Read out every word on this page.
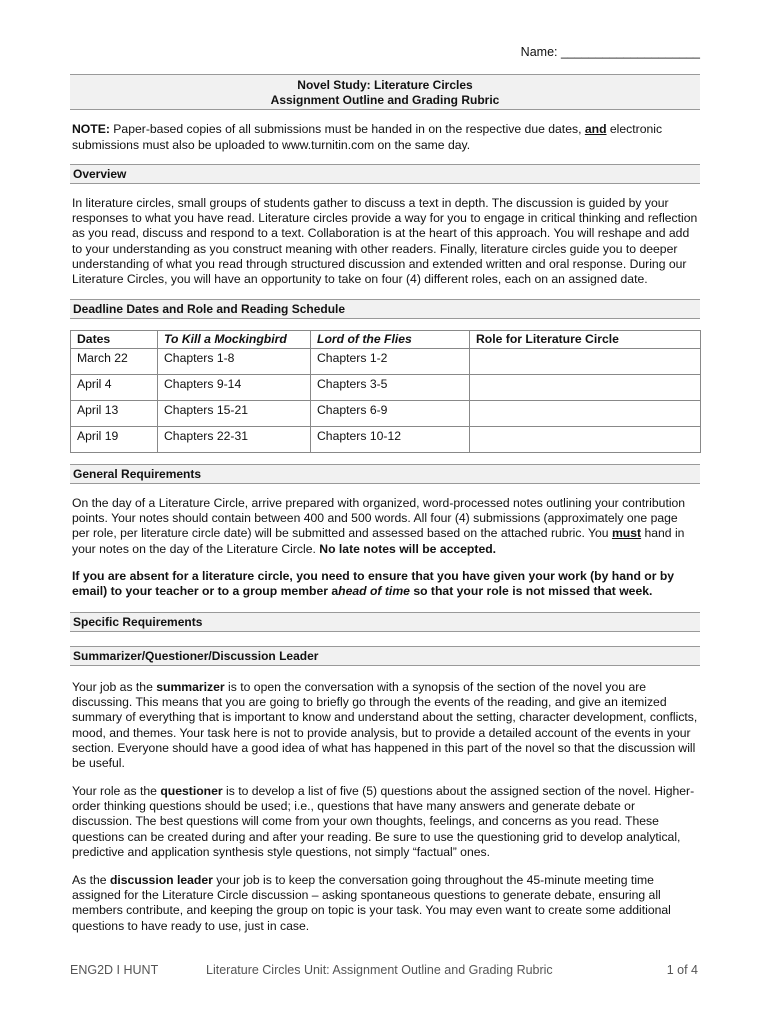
Name: ____________________
Novel Study: Literature Circles
Assignment Outline and Grading Rubric
NOTE: Paper-based copies of all submissions must be handed in on the respective due dates, and electronic submissions must also be uploaded to www.turnitin.com on the same day.
Overview
In literature circles, small groups of students gather to discuss a text in depth. The discussion is guided by your responses to what you have read. Literature circles provide a way for you to engage in critical thinking and reflection as you read, discuss and respond to a text. Collaboration is at the heart of this approach. You will reshape and add to your understanding as you construct meaning with other readers. Finally, literature circles guide you to deeper understanding of what you read through structured discussion and extended written and oral response. During our Literature Circles, you will have an opportunity to take on four (4) different roles, each on an assigned date.
Deadline Dates and Role and Reading Schedule
Dates	To Kill a Mockingbird	Lord of the Flies	Role for Literature Circle
March 22	Chapters 1-8	Chapters 1-2	
April 4	Chapters 9-14	Chapters 3-5	
April 13	Chapters 15-21	Chapters 6-9	
April 19	Chapters 22-31	Chapters 10-12	
General Requirements
On the day of a Literature Circle, arrive prepared with organized, word-processed notes outlining your contribution points. Your notes should contain between 400 and 500 words. All four (4) submissions (approximately one page per role, per literature circle date) will be submitted and assessed based on the attached rubric. You must hand in your notes on the day of the Literature Circle. No late notes will be accepted.
If you are absent for a literature circle, you need to ensure that you have given your work (by hand or by email) to your teacher or to a group member ahead of time so that your role is not missed that week.
Specific Requirements
Summarizer/Questioner/Discussion Leader
Your job as the summarizer is to open the conversation with a synopsis of the section of the novel you are discussing. This means that you are going to briefly go through the events of the reading, and give an itemized summary of everything that is important to know and understand about the setting, character development, conflicts, mood, and themes. Your task here is not to provide analysis, but to provide a detailed account of the events in your section. Everyone should have a good idea of what has happened in this part of the novel so that the discussion will be useful.
Your role as the questioner is to develop a list of five (5) questions about the assigned section of the novel. Higher-order thinking questions should be used; i.e., questions that have many answers and generate debate or discussion. The best questions will come from your own thoughts, feelings, and concerns as you read. These questions can be created during and after your reading. Be sure to use the questioning grid to develop analytical, predictive and application synthesis style questions, not simply “factual” ones.
As the discussion leader your job is to keep the conversation going throughout the 45-minute meeting time assigned for the Literature Circle discussion – asking spontaneous questions to generate debate, ensuring all members contribute, and keeping the group on topic is your task. You may even want to create some additional questions to have ready to use, just in case.
ENG2D I HUNT	Literature Circles Unit: Assignment Outline and Grading Rubric	1 of 4
